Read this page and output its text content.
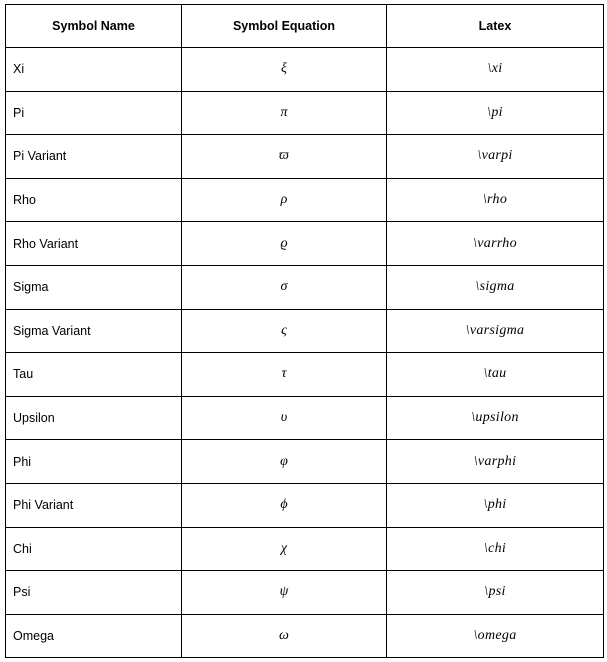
Symbol Name	Symbol Equation	Latex
Xi	ξ	\xi
Pi	π	\pi
Pi Variant	ϖ	\varpi
Rho	ρ	\rho
Rho Variant	ϱ	\varrho
Sigma	σ	\sigma
Sigma Variant	ς	\varsigma
Tau	τ	\tau
Upsilon	υ	\upsilon
Phi	φ	\varphi
Phi Variant	ϕ	\phi
Chi	χ	\chi
Psi	ψ	\psi
Omega	ω	\omega
